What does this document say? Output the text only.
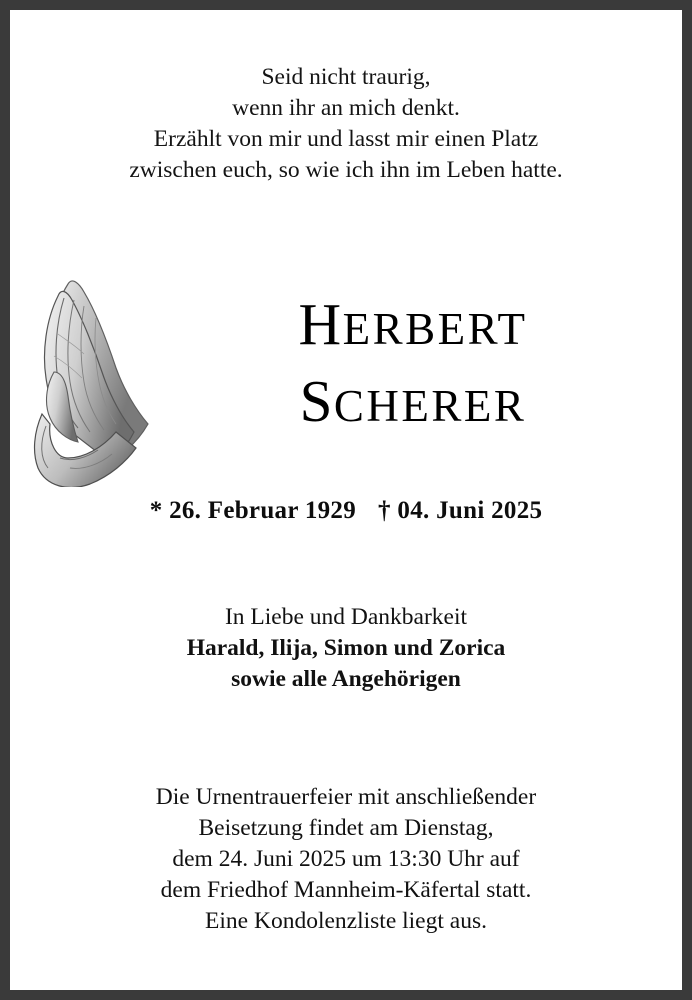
Seid nicht traurig,
wenn ihr an mich denkt.
Erzählt von mir und lasst mir einen Platz
zwischen euch, so wie ich ihn im Leben hatte.
HERBERT
SCHERER
* 26. Februar 1929 † 04. Juni 2025
In Liebe und Dankbarkeit
Harald, Ilija, Simon und Zorica
sowie alle Angehörigen
Die Urnentrauerfeier mit anschließender
Beisetzung findet am Dienstag,
dem 24. Juni 2025 um 13:30 Uhr auf
dem Friedhof Mannheim-Käfertal statt.
Eine Kondolenzliste liegt aus.
